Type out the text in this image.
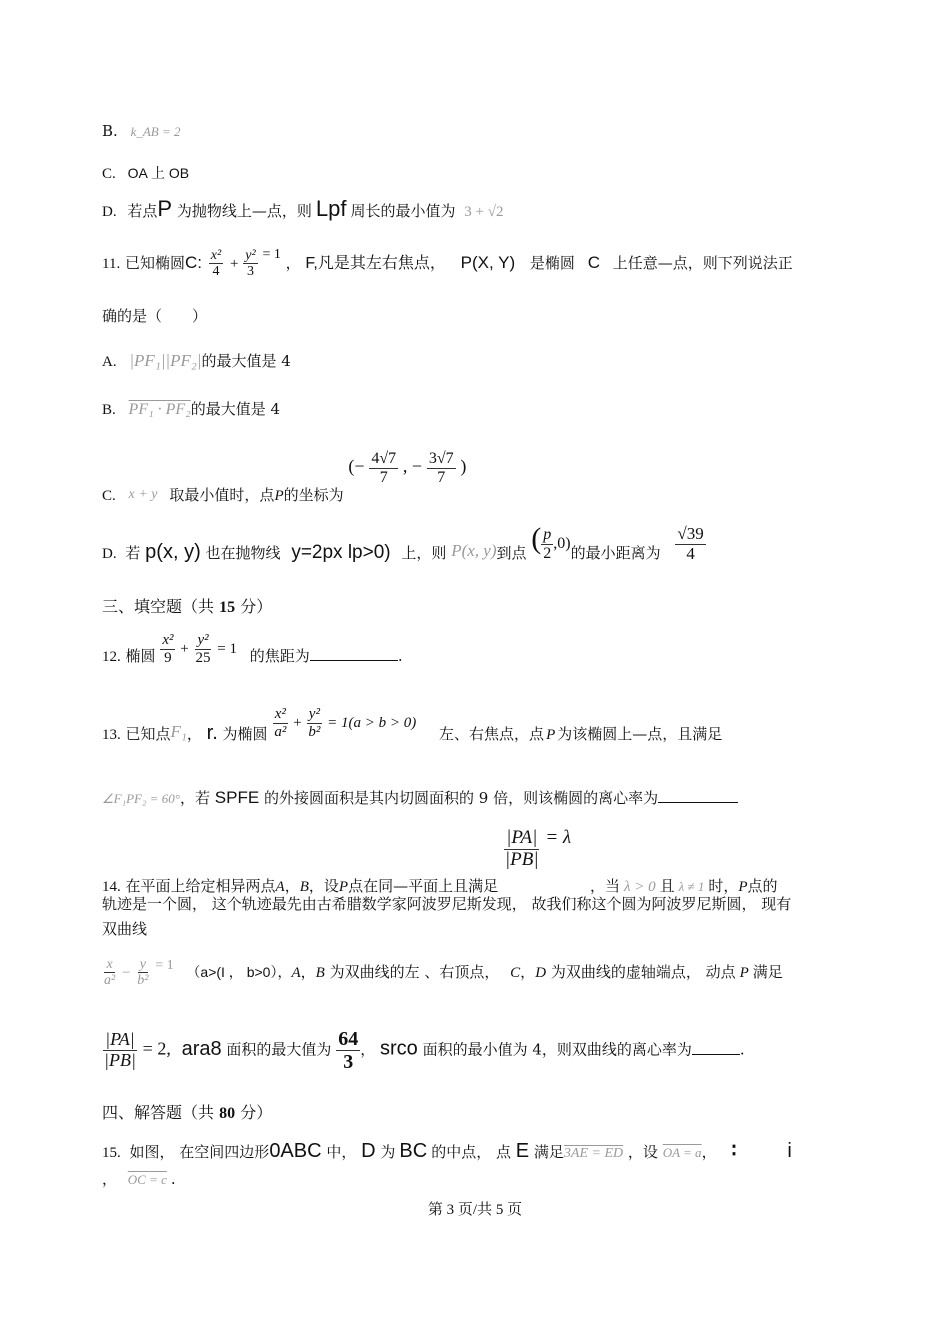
B. k_AB = 2
C. OA 上 OB
D. 若点P 为抛物线上—点，则 Lpf 周长的最小值为 3 + √2
11. 已知椭圆C: $\frac{\text{x²}}{4} + \frac{\text{y²}}{3} = 1$ ， F,凡是其左右焦点， P(X, Y) 是椭圆 C 上任意—点，则下列说法正
确的是（　　）
A. |PF₁||PF₂|的最大值是 4
B. PF₁ · PF₂的最大值是 4
C. x + y 取最小值时，点P的坐标为 (− $\frac{4√7}{7}$ , − $\frac{3√7}{7}$ )
D. 若 p(x, y) 也在抛物线 y=2px lp>0) 上，则 P(x, y)到点 ( $\frac{p}{2} ,0$)的最小距离为 $\frac{√39}{4}$
三、填空题（共 15 分）
12. 椭圆 $\frac{\text{x²}}{9} + \frac{\text{y²}}{25} = 1$ 的焦距为	.
13. 已知点F₁， r. 为椭圆 $\frac{\text{x²}}{\text{a²}} + \frac{\text{y²}}{\text{b²}} = 1(a > b > 0)$ 左、右焦点，点 P 为该椭圆上—点，且满足
∠F₁PF₂ = 60°，若 SPFE 的外接圆面积是其内切圆面积的 9 倍，则该椭圆的离心率为
14. 在平面上给定相异两点A，B，设P点在同—平面上且满足
$\frac{|PA|}{|PB|} = \lambda$ ，当 λ > 0 且 λ ≠ 1 时，P点的
轨迹是一个圆， 这个轨迹最先由古希腊数学家阿波罗尼斯发现， 故我们称这个圆为阿波罗尼斯圆， 现有
双曲线
$\frac{x}{\text{a²}} - \frac{y}{\text{b²}} = 1$ （a>(I ， b>0），A，B 为双曲线的左 、右顶点， C，D 为双曲线的虚轴端点， 动点 P 满足
$\frac{|PA|}{|PB|} = 2$, ara8 面积的最大值为 $\frac{64}{3}$ ， srco 面积的最小值为 4，则双曲线的离心率为	.
四、解答题（共 80 分）
15. 如图， 在空间四边形0ABC 中， D 为 BC 的中点， 点 E 满足3AE = ED ，设 OA = a， ∶	i
， OC = c .
第 3 页/共 5 页
